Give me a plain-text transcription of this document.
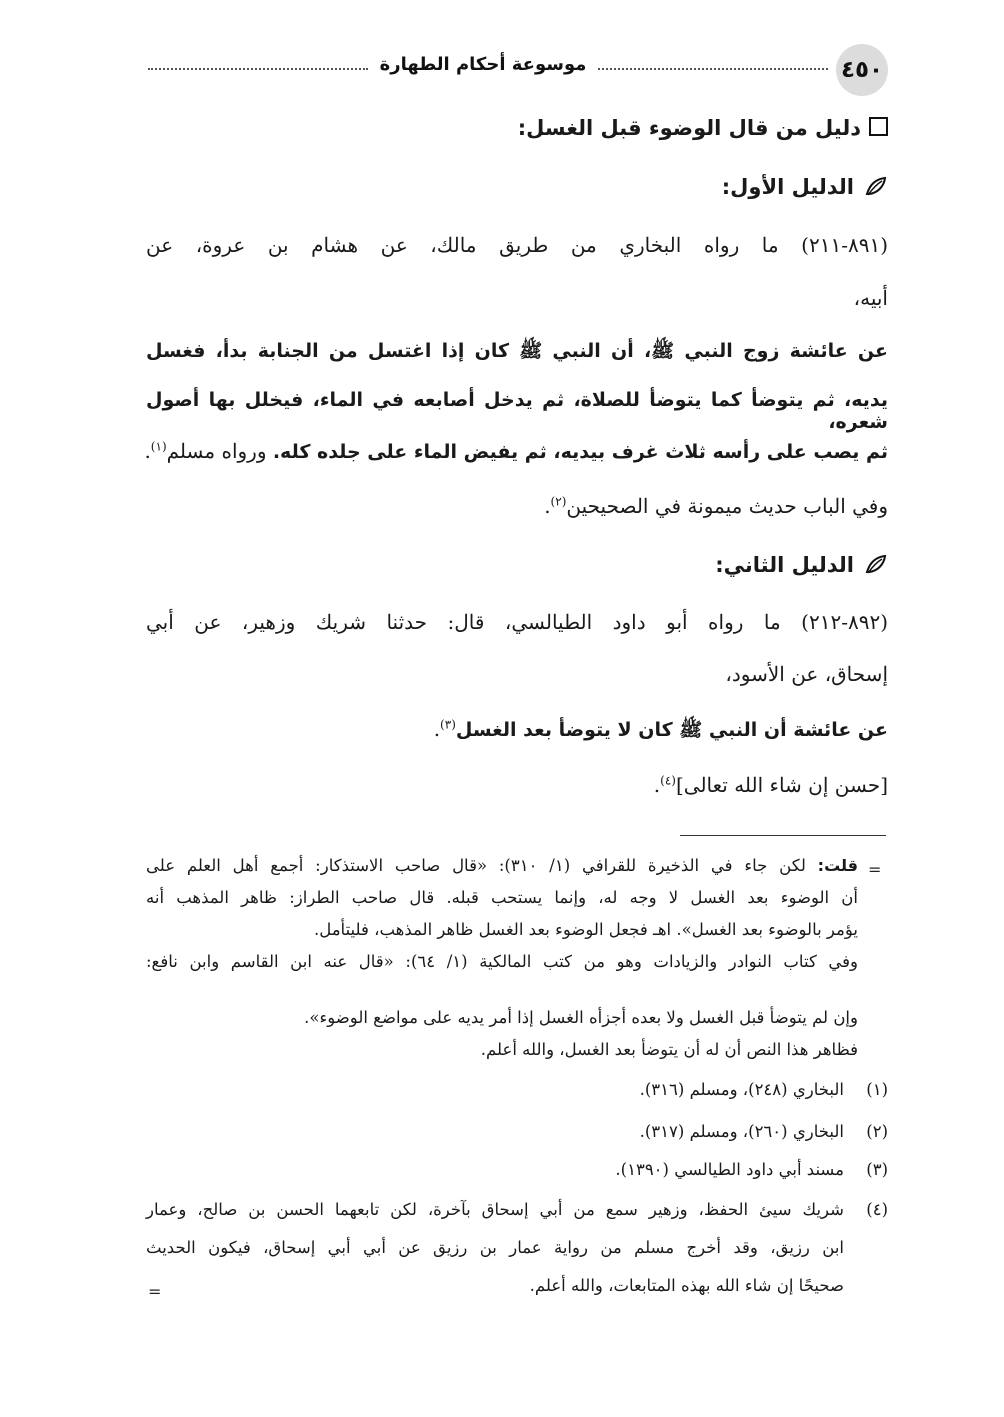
٤٥٠
موسوعة أحكام الطهارة
دليل من قال الوضوء قبل الغسل:
الدليل الأول:
(٨٩١-٢١١) ما رواه البخاري من طريق مالك، عن هشام بن عروة، عن
أبيه،
عن عائشة زوج النبي ﷺ، أن النبي ﷺ كان إذا اغتسل من الجنابة بدأ، فغسل
يديه، ثم يتوضأ كما يتوضأ للصلاة، ثم يدخل أصابعه في الماء، فيخلل بها أصول شعره،
ثم يصب على رأسه ثلاث غرف بيديه، ثم يفيض الماء على جلده كله. ورواه مسلم$^{(١)}$.
وفي الباب حديث ميمونة في الصحيحين$^{(٢)}$.
الدليل الثاني:
(٨٩٢-٢١٢) ما رواه أبو داود الطيالسي، قال: حدثنا شريك وزهير، عن أبي
إسحاق، عن الأسود،
عن عائشة أن النبي ﷺ كان لا يتوضأ بعد الغسل$^{(٣)}$.
[حسن إن شاء الله تعالى]$^{(٤)}$.
=
قلت: لكن جاء في الذخيرة للقرافي (١/ ٣١٠): «قال صاحب الاستذكار: أجمع أهل العلم على
أن الوضوء بعد الغسل لا وجه له، وإنما يستحب قبله. قال صاحب الطراز: ظاهر المذهب أنه
يؤمر بالوضوء بعد الغسل». اهـ فجعل الوضوء بعد الغسل ظاهر المذهب، فليتأمل.
وفي كتاب النوادر والزيادات وهو من كتب المالكية (١/ ٦٤): «قال عنه ابن القاسم وابن نافع:
وإن لم يتوضأ قبل الغسل ولا بعده أجزأه الغسل إذا أمر يديه على مواضع الوضوء».
فظاهر هذا النص أن له أن يتوضأ بعد الغسل، والله أعلم.
(١)
البخاري (٢٤٨)، ومسلم (٣١٦).
(٢)
البخاري (٢٦٠)، ومسلم (٣١٧).
(٣)
مسند أبي داود الطيالسي (١٣٩٠).
(٤)
شريك سيئ الحفظ، وزهير سمع من أبي إسحاق بآخرة، لكن تابعهما الحسن بن صالح، وعمار
ابن رزيق، وقد أخرج مسلم من رواية عمار بن رزيق عن أبي أبي إسحاق، فيكون الحديث
صحيحًا إن شاء الله بهذه المتابعات، والله أعلم.
=
